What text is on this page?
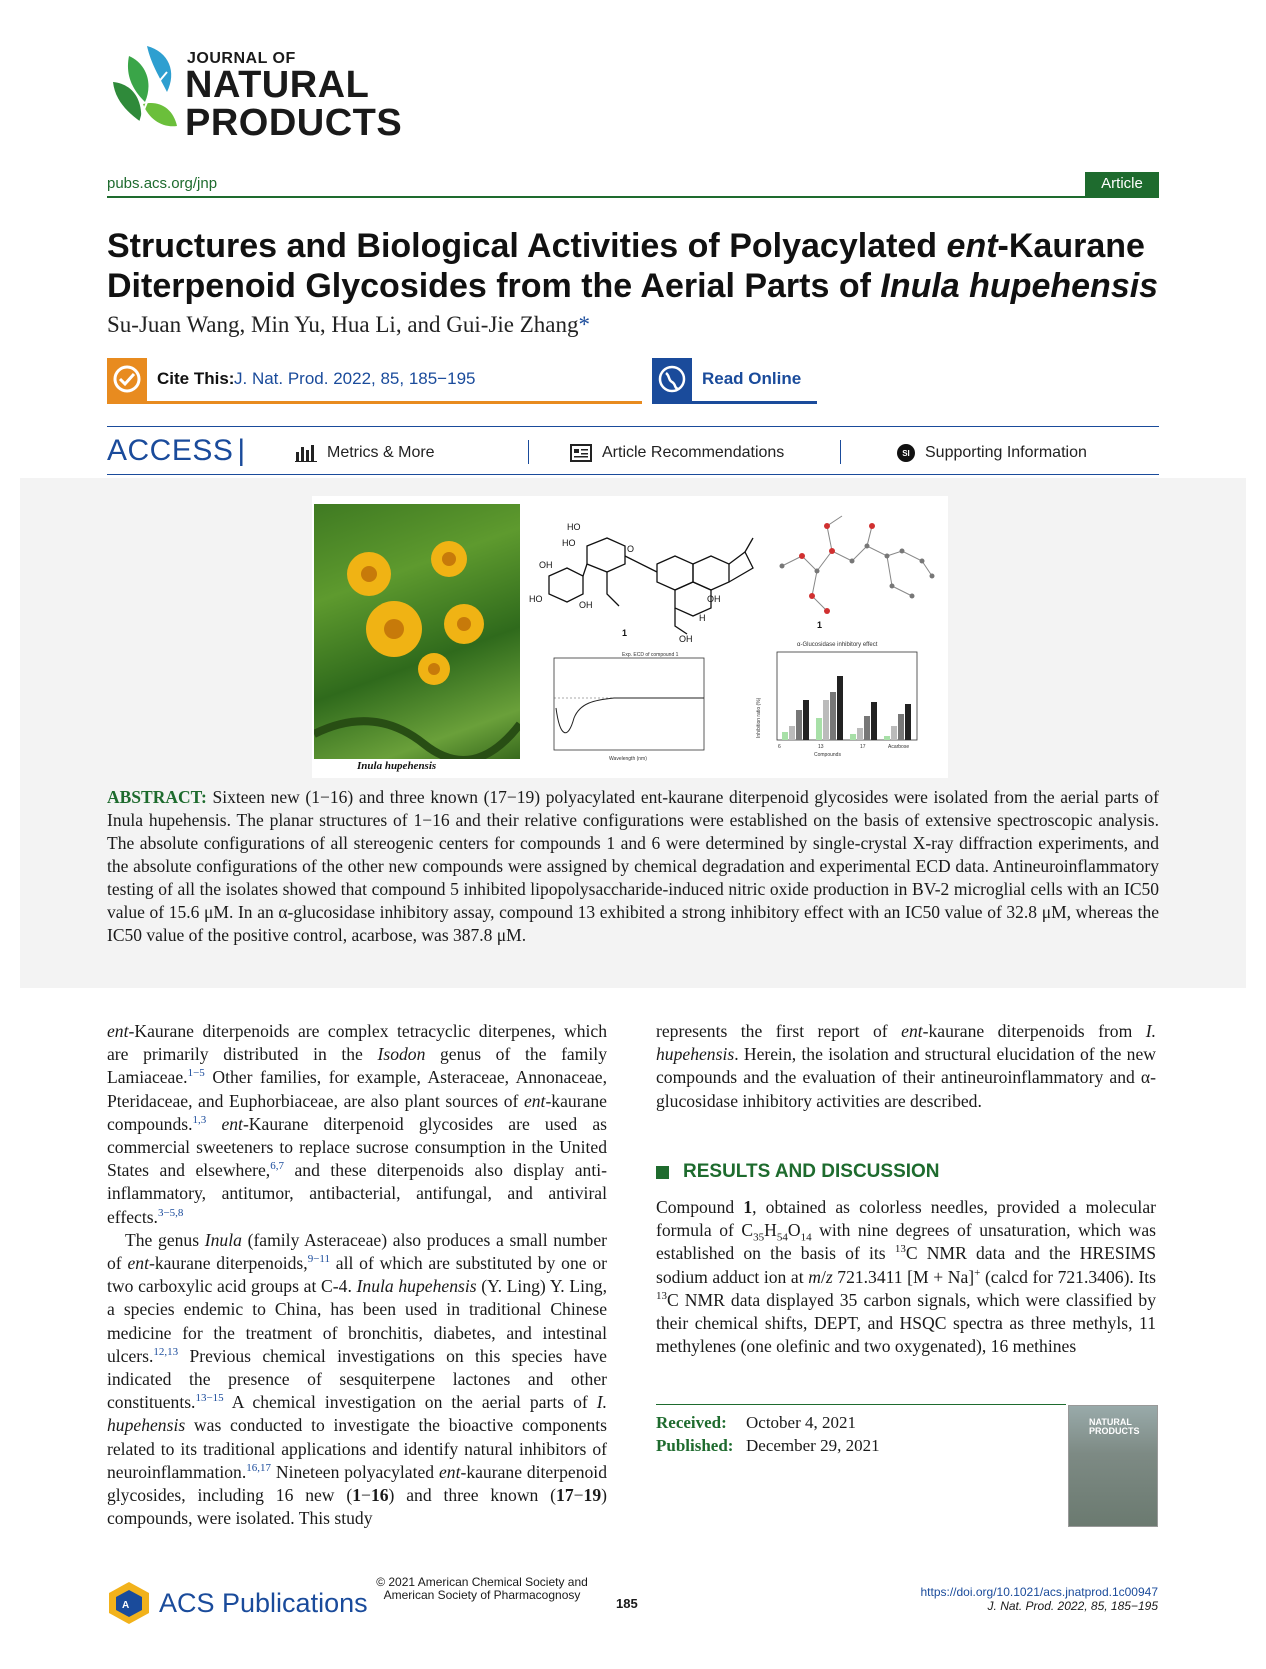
JOURNAL OF
NATURAL
PRODUCTS
pubs.acs.org/jnp	Article
Structures and Biological Activities of Polyacylated ent-Kaurane Diterpenoid Glycosides from the Aerial Parts of Inula hupehensis
Su-Juan Wang, Min Yu, Hua Li, and Gui-Jie Zhang*
Cite This: J. Nat. Prod. 2022, 85, 185−195	Read Online
ACCESS |	Metrics & More	Article Recommendations	SI Supporting Information
Inula hupehensis
HO
HO
OH
HO
OH
O
H
OH
OH
1
1
Exp. ECD of compound 1
Wavelength (nm)
α-Glucosidase inhibitory effect
Inhibition ratio (%)
6	13	17	Acarbose
Compounds
ABSTRACT: Sixteen new (1−16) and three known (17−19) polyacylated ent-kaurane diterpenoid glycosides were isolated from the aerial parts of Inula hupehensis. The planar structures of 1−16 and their relative configurations were established on the basis of extensive spectroscopic analysis. The absolute configurations of all stereogenic centers for compounds 1 and 6 were determined by single-crystal X-ray diffraction experiments, and the absolute configurations of the other new compounds were assigned by chemical degradation and experimental ECD data. Antineuroinflammatory testing of all the isolates showed that compound 5 inhibited lipopolysaccharide-induced nitric oxide production in BV-2 microglial cells with an IC50 value of 15.6 μM. In an α-glucosidase inhibitory assay, compound 13 exhibited a strong inhibitory effect with an IC50 value of 32.8 μM, whereas the IC50 value of the positive control, acarbose, was 387.8 μM.

ent-Kaurane diterpenoids are complex tetracyclic diterpenes, which are primarily distributed in the Isodon genus of the family Lamiaceae.$^{1-5}$ Other families, for example, Asteraceae, Annonaceae, Pteridaceae, and Euphorbiaceae, are also plant sources of ent-kaurane compounds.$^{1,3}$ ent-Kaurane diterpenoid glycosides are used as commercial sweeteners to replace sucrose consumption in the United States and elsewhere,$^{6,7}$ and these diterpenoids also display anti-inflammatory, antitumor, antibacterial, antifungal, and antiviral effects.$^{3-5,8}$

The genus Inula (family Asteraceae) also produces a small number of ent-kaurane diterpenoids,$^{9-11}$ all of which are substituted by one or two carboxylic acid groups at C-4. Inula hupehensis (Y. Ling) Y. Ling, a species endemic to China, has been used in traditional Chinese medicine for the treatment of bronchitis, diabetes, and intestinal ulcers.$^{12,13}$ Previous chemical investigations on this species have indicated the presence of sesquiterpene lactones and other constituents.$^{13-15}$ A chemical investigation on the aerial parts of I. hupehensis was conducted to investigate the bioactive components related to its traditional applications and identify natural inhibitors of neuroinflammation.$^{16,17}$ Nineteen polyacylated ent-kaurane diterpenoid glycosides, including 16 new (1−16) and three known (17−19) compounds, were isolated. This study

represents the first report of ent-kaurane diterpenoids from I. hupehensis. Herein, the isolation and structural elucidation of the new compounds and the evaluation of their antineuroinflammatory and α-glucosidase inhibitory activities are described.

RESULTS AND DISCUSSION

Compound 1, obtained as colorless needles, provided a molecular formula of $C_{35}H_{54}O_{14}$ with nine degrees of unsaturation, which was established on the basis of its $^{13}$C NMR data and the HRESIMS sodium adduct ion at m/z 721.3411 [M + Na]+ (calcd for 721.3406). Its $^{13}$C NMR data displayed 35 carbon signals, which were classified by their chemical shifts, DEPT, and HSQC spectra as three methyls, 11 methylenes (one olefinic and two oxygenated), 16 methines

Received: October 4, 2021
Published: December 29, 2021
NATURAL
PRODUCTS
A ACS Publications
© 2021 American Chemical Society and
American Society of Pharmacognosy
185
https://doi.org/10.1021/acs.jnatprod.1c00947
J. Nat. Prod. 2022, 85, 185−195
